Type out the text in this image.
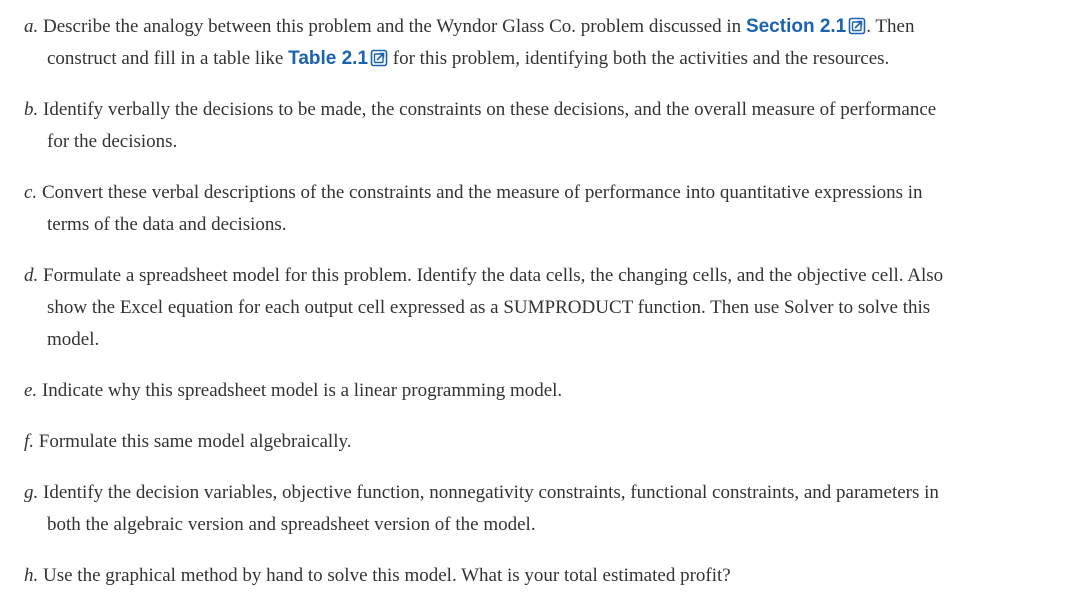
a. Describe the analogy between this problem and the Wyndor Glass Co. problem discussed in Section 2.1 . Then
construct and fill in a table like Table 2.1
for this problem, identifying both the activities and the resources.
b. Identify verbally the decisions to be made, the constraints on these decisions, and the overall measure of performance
for the decisions.
c. Convert these verbal descriptions of the constraints and the measure of performance into quantitative expressions in
terms of the data and decisions.
d. Formulate a spreadsheet model for this problem. Identify the data cells, the changing cells, and the objective cell. Also
show the Excel equation for each output cell expressed as a SUMPRODUCT function. Then use Solver to solve this
model.
e. Indicate why this spreadsheet model is a linear programming model.
f. Formulate this same model algebraically.
g. Identify the decision variables, objective function, nonnegativity constraints, functional constraints, and parameters in
both the algebraic version and spreadsheet version of the model.
h. Use the graphical method by hand to solve this model. What is your total estimated profit?
